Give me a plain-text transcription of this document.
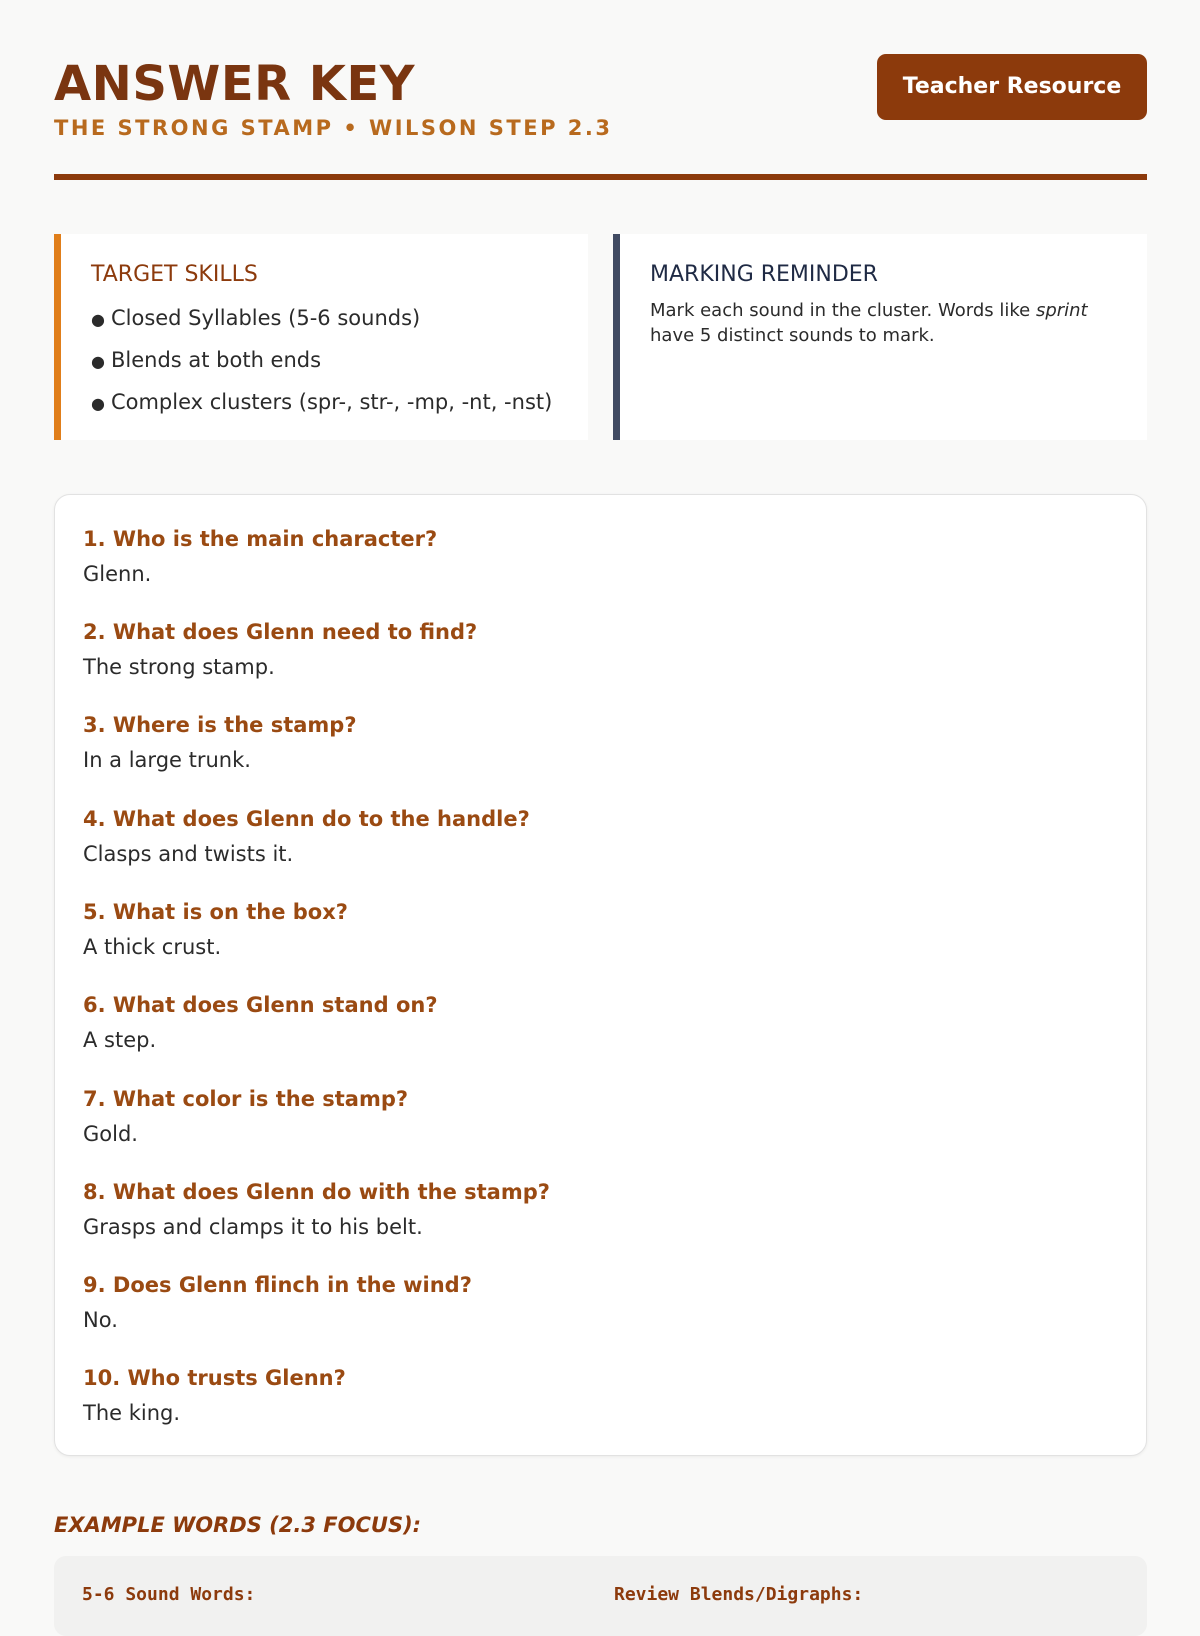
ANSWER KEY
THE STRONG STAMP • WILSON STEP 2.3
Teacher Resource
TARGET SKILLS
● Closed Syllables (5-6 sounds)
● Blends at both ends
● Complex clusters (spr-, str-, -mp, -nt, -nst)
MARKING REMINDER

Mark each sound in the cluster. Words like sprint have 5 distinct sounds to mark.

1. Who is the main character?
Glenn.
2. What does Glenn need to find?
The strong stamp.
3. Where is the stamp?
In a large trunk.
4. What does Glenn do to the handle?
Clasps and twists it.
5. What is on the box?
A thick crust.
6. What does Glenn stand on?
A step.
7. What color is the stamp?
Gold.
8. What does Glenn do with the stamp?
Grasps and clamps it to his belt.
9. Does Glenn flinch in the wind?
No.
10. Who trusts Glenn?
The king.
EXAMPLE WORDS (2.3 FOCUS):
5-6 Sound Words:	Review Blends/Digraphs:
